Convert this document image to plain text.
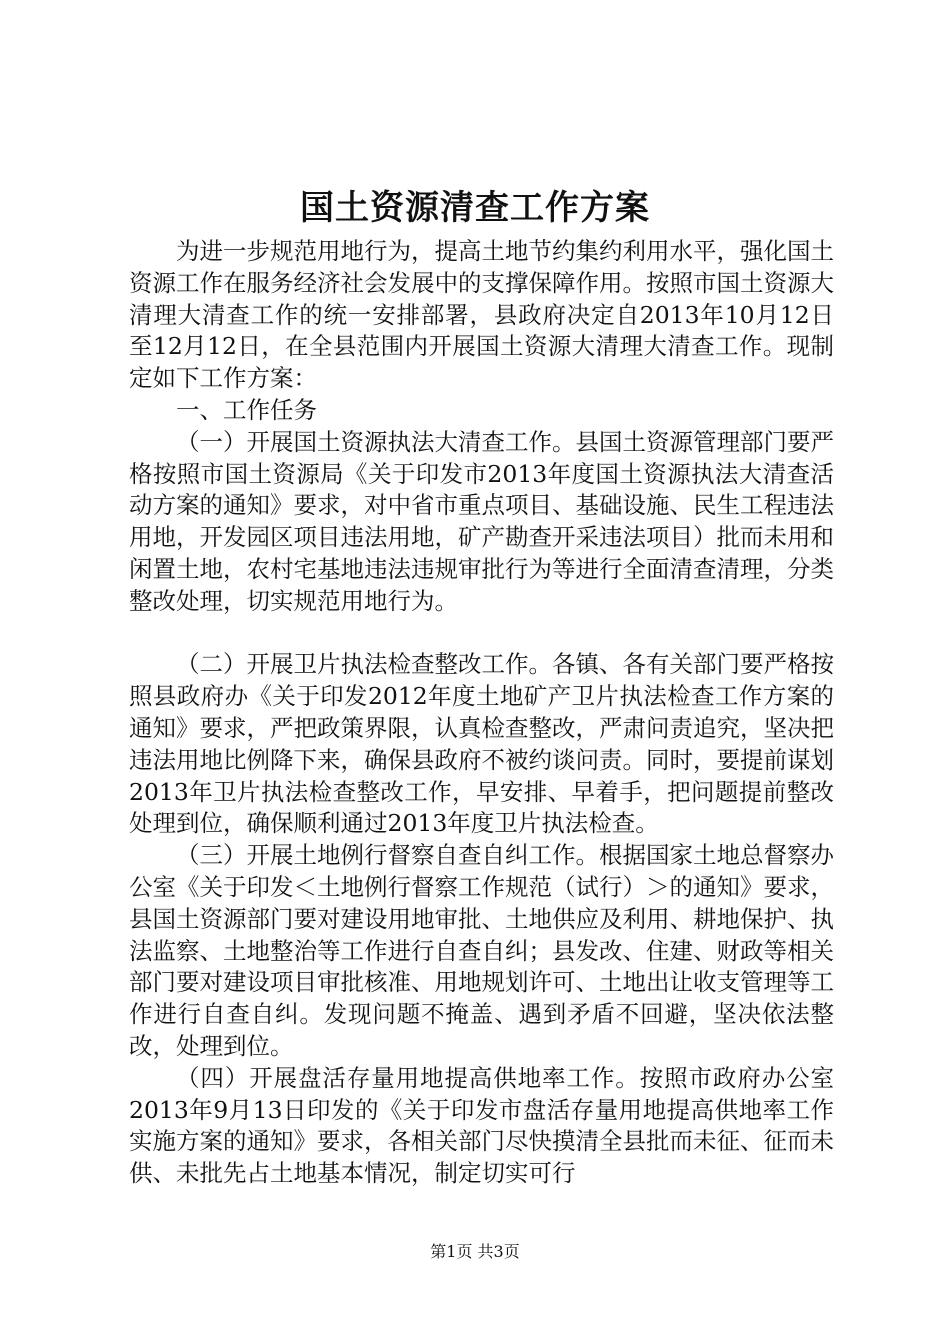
国土资源清查工作方案

为进一步规范用地行为，提高土地节约集约利用水平，强化国土资源工作在服务经济社会发展中的支撑保障作用。按照市国土资源大清理大清查工作的统一安排部署，县政府决定自2013年10月12日至12月12日，在全县范围内开展国土资源大清理大清查工作。现制定如下工作方案：

一、工作任务

（一）开展国土资源执法大清查工作。县国土资源管理部门要严格按照市国土资源局《关于印发市2013年度国土资源执法大清查活动方案的通知》要求，对中省市重点项目、基础设施、民生工程违法用地，开发园区项目违法用地，矿产勘查开采违法项目）批而未用和闲置土地，农村宅基地违法违规审批行为等进行全面清查清理，分类整改处理，切实规范用地行为。

（二）开展卫片执法检查整改工作。各镇、各有关部门要严格按照县政府办《关于印发2012年度土地矿产卫片执法检查工作方案的通知》要求，严把政策界限，认真检查整改，严肃问责追究，坚决把违法用地比例降下来，确保县政府不被约谈问责。同时，要提前谋划2013年卫片执法检查整改工作，早安排、早着手，把问题提前整改处理到位，确保顺利通过2013年度卫片执法检查。

（三）开展土地例行督察自查自纠工作。根据国家土地总督察办公室《关于印发＜土地例行督察工作规范（试行）＞的通知》要求，县国土资源部门要对建设用地审批、土地供应及利用、耕地保护、执法监察、土地整治等工作进行自查自纠；县发改、住建、财政等相关部门要对建设项目审批核准、用地规划许可、土地出让收支管理等工作进行自查自纠。发现问题不掩盖、遇到矛盾不回避，坚决依法整改，处理到位。

（四）开展盘活存量用地提高供地率工作。按照市政府办公室2013年9月13日印发的《关于印发市盘活存量用地提高供地率工作实施方案的通知》要求，各相关部门尽快摸清全县批而未征、征而未供、未批先占土地基本情况，制定切实可行

第1页 共3页
